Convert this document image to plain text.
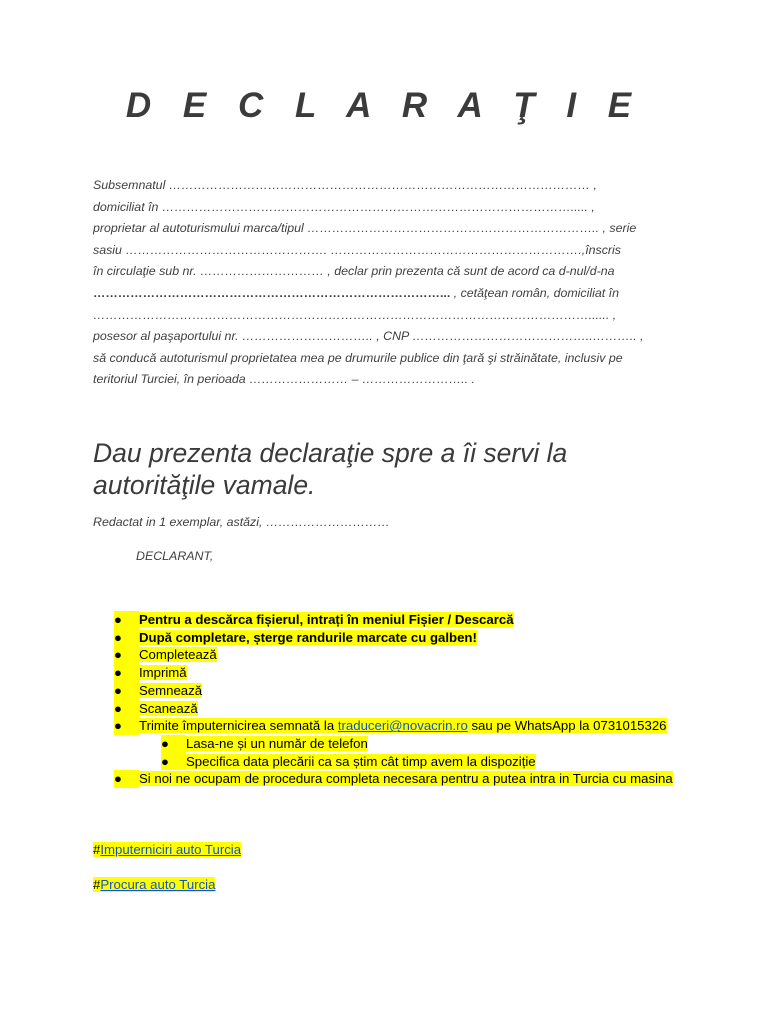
D E C L A R A Ţ I E
Subsemnatul ………………………………………………………………………………………… ,
domiciliat în ………………………………………………………………………………………..... ,
proprietar al autoturismului marca/tipul …………………………………………………………….. , serie
sasiu …………………………………………. …………………………………………………….,înscris
în circulaţie sub nr. ………………………… , declar prin prezenta că sunt de acord ca d-nul/d-na
…………………………………………………………………………... , cetăţean român, domiciliat în
…………………………………………………………………………………………………………...... ,
posesor al paşaportului nr. ………………………….. , CNP ……………………………………..……….. ,
să conducă autoturismul proprietatea mea pe drumurile publice din ţară şi străinătate, inclusiv pe
teritoriul Turciei, în perioada …………………… – …………………….. .
Dau prezenta declaraţie spre a îi servi la autorităţile vamale.
Redactat in 1 exemplar, astăzi, …………………………
DECLARANT,
●	Pentru a descărca fișierul, intrați în meniul Fișier / Descarcă
●	După completare, șterge randurile marcate cu galben!
●	Completează
●	Imprimă
●	Semnează
●	Scanează
●	Trimite împuternicirea semnată la traduceri@novacrin.ro sau pe WhatsApp la 0731015326
●	Lasa-ne și un număr de telefon
●	Specifica data plecării ca sa știm cât timp avem la dispoziție
●	Si noi ne ocupam de procedura completa necesara pentru a putea intra in Turcia cu masina
#Imputerniciri auto Turcia
#Procura auto Turcia
